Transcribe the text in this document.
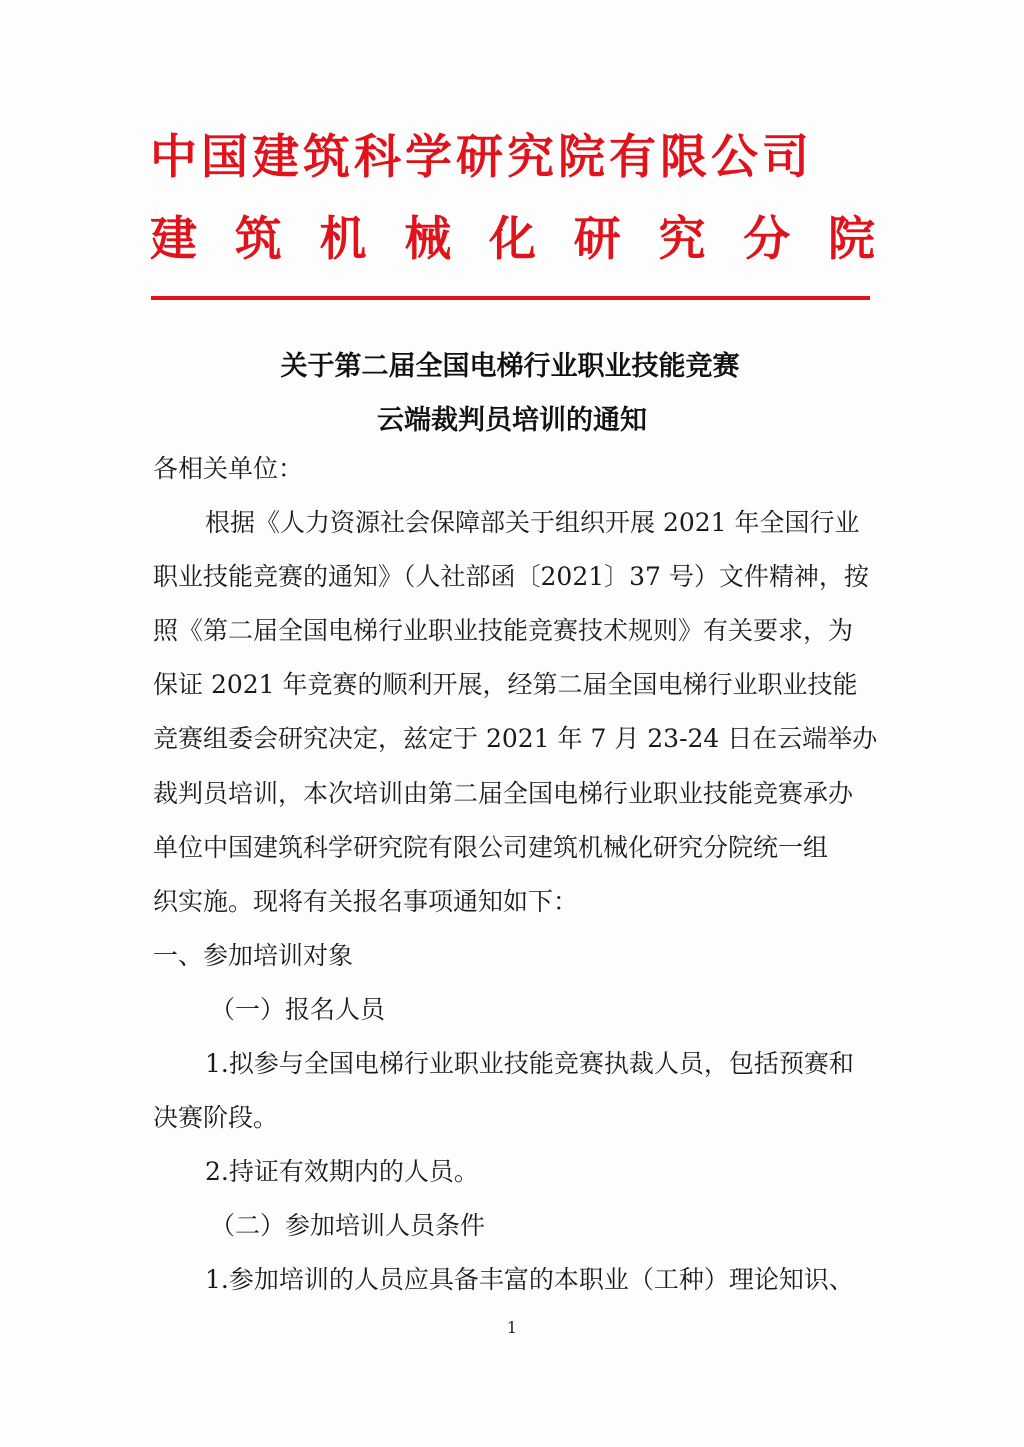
中国建筑科学研究院有限公司
建 筑 机 械 化 研 究 分 院
关于第二届全国电梯行业职业技能竞赛
云端裁判员培训的通知
各相关单位：
根据《人力资源社会保障部关于组织开展 2021 年全国行业
职业技能竞赛的通知》（人社部函〔2021〕37 号）文件精神，按
照《第二届全国电梯行业职业技能竞赛技术规则》有关要求，为
保证 2021 年竞赛的顺利开展，经第二届全国电梯行业职业技能
竞赛组委会研究决定，兹定于 2021 年 7 月 23-24 日在云端举办
裁判员培训，本次培训由第二届全国电梯行业职业技能竞赛承办
单位中国建筑科学研究院有限公司建筑机械化研究分院统一组
织实施。现将有关报名事项通知如下：
一、参加培训对象
（一）报名人员
1.拟参与全国电梯行业职业技能竞赛执裁人员，包括预赛和
决赛阶段。
2.持证有效期内的人员。
（二）参加培训人员条件
1.参加培训的人员应具备丰富的本职业（工种）理论知识、
1
